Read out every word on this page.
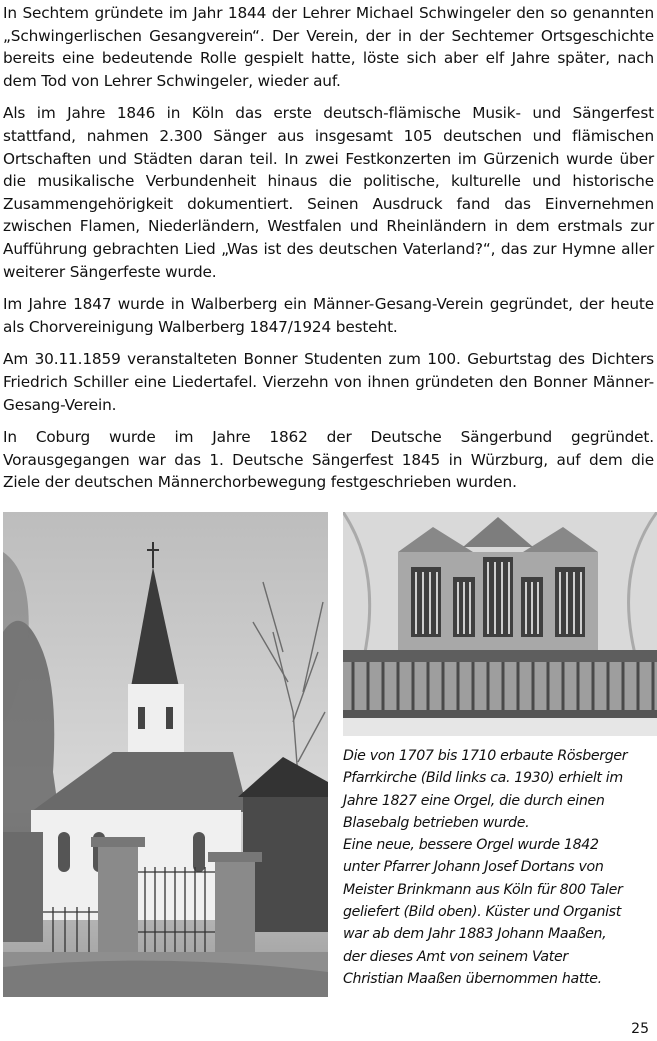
In Sechtem gründete im Jahr 1844 der Lehrer Michael Schwingeler den so genannten „Schwingerlischen Gesangverein“. Der Verein, der in der Sechtemer Ortsgeschichte bereits eine bedeutende Rolle gespielt hatte, löste sich aber elf Jahre später, nach dem Tod von Lehrer Schwingeler, wieder auf.

Als im Jahre 1846 in Köln das erste deutsch-flämische Musik- und Sängerfest stattfand, nahmen 2.300 Sänger aus insgesamt 105 deutschen und flämischen Ortschaften und Städten daran teil. In zwei Festkonzerten im Gürzenich wurde über die musikalische Verbundenheit hinaus die politische, kulturelle und historische Zusammengehörigkeit dokumentiert. Seinen Ausdruck fand das Einvernehmen zwischen Flamen, Niederländern, Westfalen und Rheinländern in dem erstmals zur Aufführung gebrachten Lied „Was ist des deutschen Vaterland?“, das zur Hymne aller weiterer Sängerfeste wurde.

Im Jahre 1847 wurde in Walberberg ein Männer-Gesang-Verein gegründet, der heute als Chorvereinigung Walberberg 1847/1924 besteht.

Am 30.11.1859 veranstalteten Bonner Studenten zum 100. Geburtstag des Dichters Friedrich Schiller eine Liedertafel. Vierzehn von ihnen gründeten den Bonner Männer-Gesang-Verein.

In Coburg wurde im Jahre 1862 der Deutsche Sängerbund gegründet. Vorausgegangen war das 1. Deutsche Sängerfest 1845 in Würzburg, auf dem die Ziele der deutschen Männerchorbewegung festgeschrieben wurden.

Die von 1707 bis 1710 erbaute Rösberger
Pfarrkirche (Bild links ca. 1930) erhielt im
Jahre 1827 eine Orgel, die durch einen
Blasebalg betrieben wurde.
Eine neue, bessere Orgel wurde 1842
unter Pfarrer Johann Josef Dortans von
Meister Brinkmann aus Köln für 800 Taler
geliefert (Bild oben). Küster und Organist
war ab dem Jahr 1883 Johann Maaßen,
der dieses Amt von seinem Vater
Christian Maaßen übernommen hatte.
25
